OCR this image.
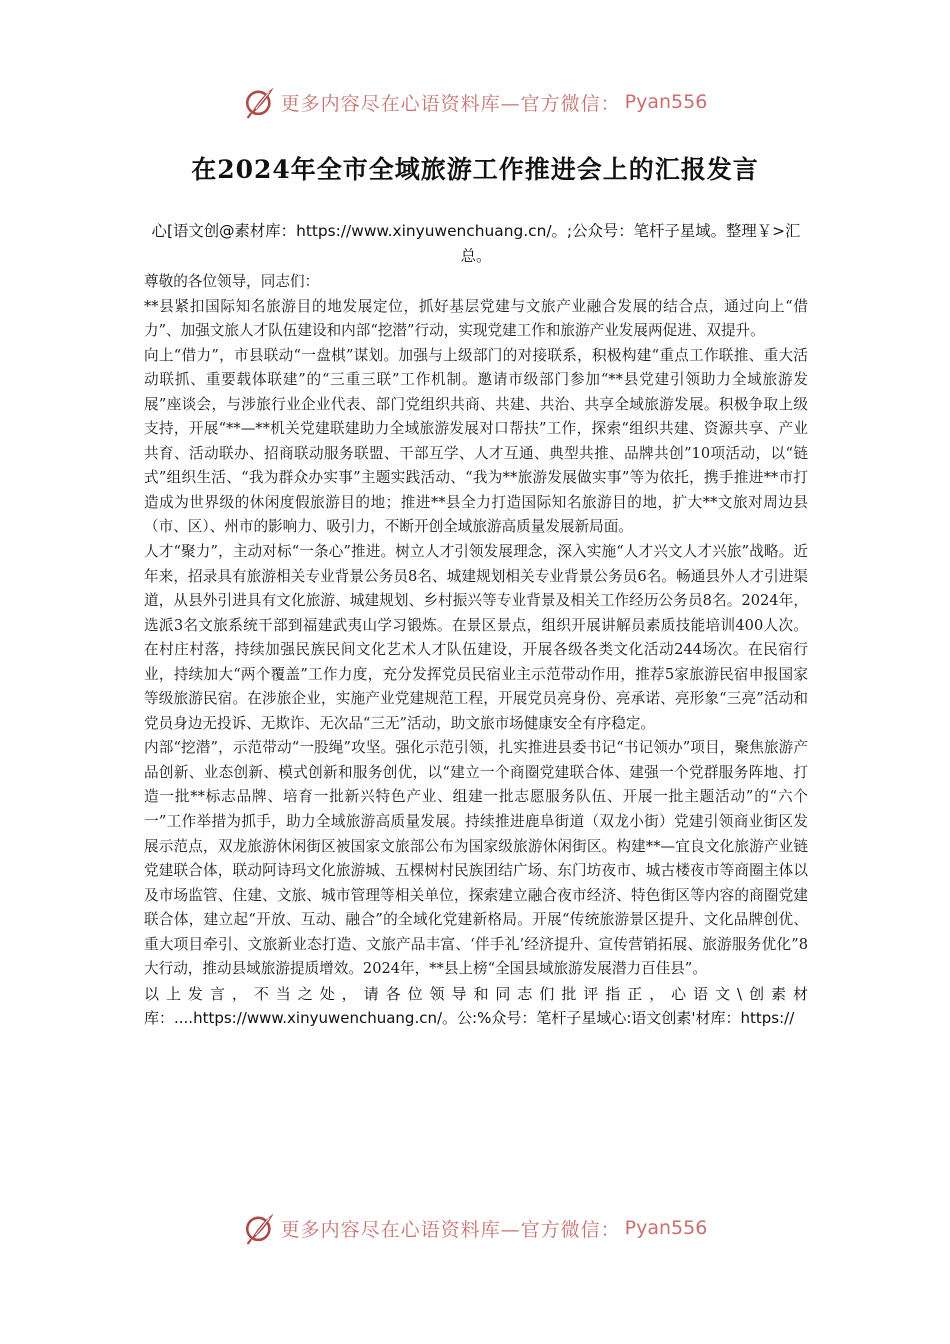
更多内容尽在心语资料库—官方微信： Pyan556
在2024年全市全域旅游工作推进会上的汇报发言
心[语文创@素材库：https://www.xinyuwenchuang.cn/。;公众号：笔杆子星域。整理￥>汇总。

尊敬的各位领导，同志们：

**县紧扣国际知名旅游目的地发展定位，抓好基层党建与文旅产业融合发展的结合点，通过向上“借力”、加强文旅人才队伍建设和内部“挖潜”行动，实现党建工作和旅游产业发展两促进、双提升。

向上“借力”，市县联动“一盘棋”谋划。加强与上级部门的对接联系，积极构建“重点工作联推、重大活动联抓、重要载体联建”的“三重三联”工作机制。邀请市级部门参加“**县党建引领助力全域旅游发展”座谈会，与涉旅行业企业代表、部门党组织共商、共建、共治、共享全域旅游发展。积极争取上级支持，开展“**—**机关党建联建助力全域旅游发展对口帮扶”工作，探索“组织共建、资源共享、产业共育、活动联办、招商联动服务联盟、干部互学、人才互通、典型共推、品牌共创”10项活动，以“链式”组织生活、“我为群众办实事”主题实践活动、“我为**旅游发展做实事”等为依托，携手推进**市打造成为世界级的休闲度假旅游目的地；推进**县全力打造国际知名旅游目的地，扩大**文旅对周边县（市、区）、州市的影响力、吸引力，不断开创全域旅游高质量发展新局面。

人才“聚力”，主动对标“一条心”推进。树立人才引领发展理念，深入实施“人才兴文人才兴旅”战略。近年来，招录具有旅游相关专业背景公务员8名、城建规划相关专业背景公务员6名。畅通县外人才引进渠道，从县外引进具有文化旅游、城建规划、乡村振兴等专业背景及相关工作经历公务员8名。2024年，选派3名文旅系统干部到福建武夷山学习锻炼。在景区景点，组织开展讲解员素质技能培训400人次。在村庄村落，持续加强民族民间文化艺术人才队伍建设，开展各级各类文化活动244场次。在民宿行业，持续加大“两个覆盖”工作力度，充分发挥党员民宿业主示范带动作用，推荐5家旅游民宿申报国家等级旅游民宿。在涉旅企业，实施产业党建规范工程，开展党员亮身份、亮承诺、亮形象“三亮”活动和党员身边无投诉、无欺诈、无次品“三无”活动，助文旅市场健康安全有序稳定。

内部“挖潜”，示范带动“一股绳”攻坚。强化示范引领，扎实推进县委书记“书记领办”项目，聚焦旅游产品创新、业态创新、模式创新和服务创优，以“建立一个商圈党建联合体、建强一个党群服务阵地、打造一批**标志品牌、培育一批新兴特色产业、组建一批志愿服务队伍、开展一批主题活动”的“六个一”工作举措为抓手，助力全域旅游高质量发展。持续推进鹿阜街道（双龙小街）党建引领商业街区发展示范点，双龙旅游休闲街区被国家文旅部公布为国家级旅游休闲街区。构建**—宜良文化旅游产业链党建联合体，联动阿诗玛文化旅游城、五棵树村民族团结广场、东门坊夜市、城古楼夜市等商圈主体以及市场监管、住建、文旅、城市管理等相关单位，探索建立融合夜市经济、特色街区等内容的商圈党建联合体，建立起“开放、互动、融合”的全域化党建新格局。开展“传统旅游景区提升、文化品牌创优、重大项目牵引、文旅新业态打造、文旅产品丰富、‘伴手礼’经济提升、宣传营销拓展、旅游服务优化”8大行动，推动县域旅游提质增效。2024年，**县上榜“全国县域旅游发展潜力百佳县”。

以上发言，不当之处，请各位领导和同志们批评指正，心语文\创素材库：....https://www.xinyuwenchuang.cn/。公:%众号：笔杆子星域心:语文创素'材库：https://

更多内容尽在心语资料库—官方微信： Pyan556
